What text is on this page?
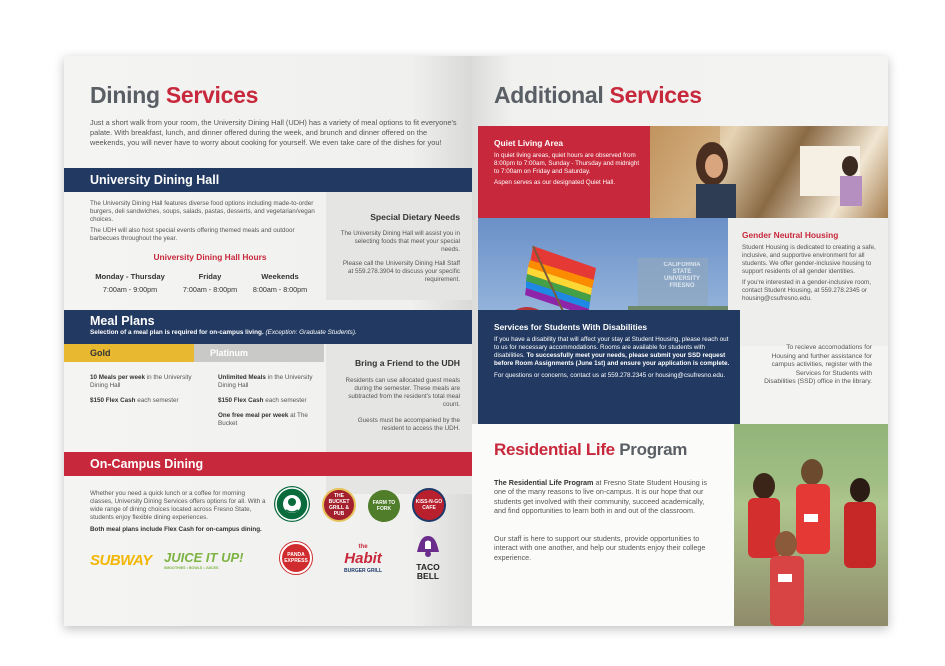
Dining Services
Just a short walk from your room, the University Dining Hall (UDH) has a variety of meal options to fit everyone's palate. With breakfast, lunch, and dinner offered during the week, and brunch and dinner offered on the weekends, you will never have to worry about cooking for yourself. We even take care of the dishes for you!
University Dining Hall

The University Dining Hall features diverse food options including made-to-order burgers, deli sandwiches, soups, salads, pastas, desserts, and vegetarian/vegan choices.

The UDH will also host special events offering themed meals and outdoor barbecues throughout the year.

University Dining Hall Hours
Monday - Thursday
7:00am - 9:00pm
Friday
7:00am - 8:00pm
Weekends
8:00am - 8:00pm
Special Dietary Needs

The University Dining Hall will assist you in selecting foods that meet your special needs.

Please call the University Dining Hall Staff at 559.278.3904 to discuss your specific requirement.

Meal Plans
Selection of a meal plan is required for on-campus living. (Exception: Graduate Students).
Gold	Platinum

10 Meals per week in the University Dining Hall

$150 Flex Cash each semester

Unlimited Meals in the University Dining Hall

$150 Flex Cash each semester

One free meal per week at The Bucket

Bring a Friend to the UDH

Residents can use allocated guest meals during the semester. These meals are subtracted from the resident's total meal count.

Guests must be accompanied by the resident to access the UDH.

On-Campus Dining

Whether you need a quick lunch or a coffee for morning classes, University Dining Services offers options for all. With a wide range of dining choices located across Fresno State, students enjoy flexible dining experiences.

Both meal plans include Flex Cash for on-campus dining.

THE BUCKET GRILL & PUB
FARM TO FORK
KISS-N-GO CAFE
SUBWAY JUICE IT UP!
SMOOTHIES • BOWLS • JUICES
PANDA EXPRESS
the
Habit
BURGER GRILL	TACO
BELL
Additional Services
Quiet Living Area

In quiet living areas, quiet hours are observed from 8:00pm to 7:00am, Sunday - Thursday and midnight to 7:00am on Friday and Saturday.

Aspen serves as our designated Quiet Hall.

CALIFORNIA STATE UNIVERSITY FRESNO
Gender Neutral Housing

Student Housing is dedicated to creating a safe, inclusive, and supportive environment for all students. We offer gender-inclusive housing to support residents of all gender identities.

If you're interested in a gender-inclusive room, contact Student Housing, at 559.278.2345 or housing@csufresno.edu.

Services for Students With Disabilities

If you have a disability that will affect your stay at Student Housing, please reach out to us for necessary accommodations. Rooms are available for students with disabilities. To successfully meet your needs, please submit your SSD request before Room Assignments (June 1st) and ensure your application is complete.

For questions or concerns, contact us at 559.278.2345 or housing@csufresno.edu.

To recieve accomodations for Housing and further assistance for campus activities, register with the Services for Students with Disabilities (SSD) office in the library.
Residential Life Program

The Residential Life Program at Fresno State Student Housing is one of the many reasons to live on-campus. It is our hope that our students get involved with their community, succeed academically, and find opportunities to learn both in and out of the classroom.

Our staff is here to support our students, provide opportunities to interact with one another, and help our students enjoy their college experience.
